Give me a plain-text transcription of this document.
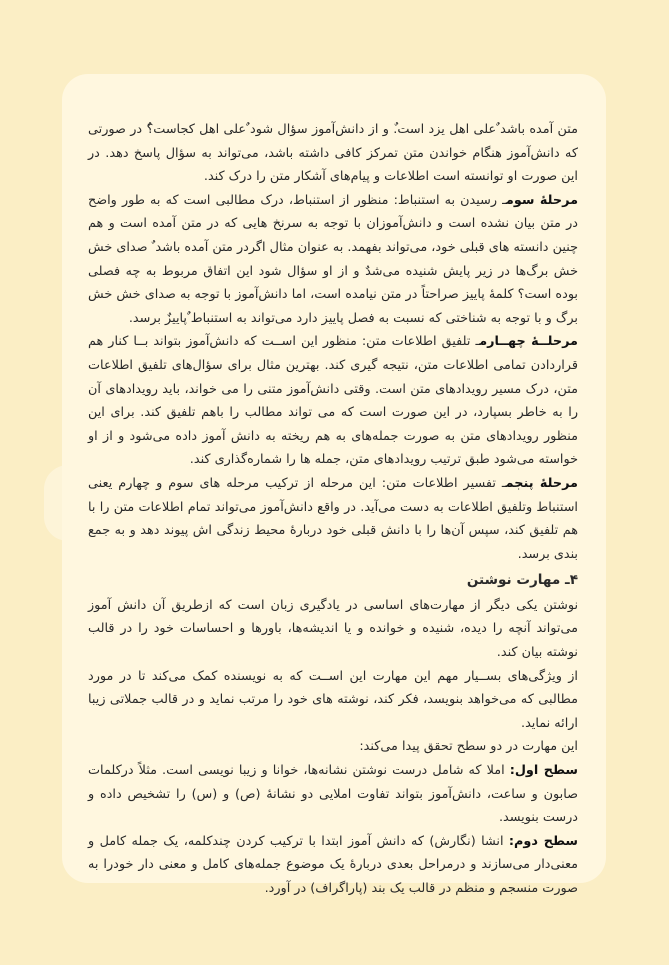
متن آمده باشد ٌعلی اهل یزد است.ٌ و از دانش‌آموز سؤال شود ٌعلی اهل کجاست؟ٌ در صورتی که دانش‌آموز هنگام خواندن متن تمرکز کافی داشته باشد، می‌تواند به سؤال پاسخ دهد. در این صورت او توانسته است اطلاعات و پیام‌های آشکار متن را درک کند.

مرحلهٔ سومـ رسیدن به استنباط: منظور از استنباط، درک مطالبی است که به طور واضح در متن بیان نشده است و دانش‌آموزان با توجه به سرنخ هایی که در متن آمده است و هم چنین دانسته های قبلی خود، می‌تواند بفهمد. به عنوان مثال اگردر متن آمده باشد ٌ صدای خش خش برگ‌ها در زیر پایش شنیده می‌شدٌ و از او سؤال شود این اتفاق مربوط به چه فصلی بوده است؟ کلمهٔ پاییز صراحتاً در متن نیامده است، اما دانش‌آموز با توجه به صدای خش خش برگ و با توجه به شناختی که نسبت به فصل پاییز دارد می‌تواند به استنباط ٌپاییزٌ برسد.

مرحلــهٔ چهــارمـ تلفیق اطلاعات متن: منظور این اســت که دانش‌آموز بتواند بــا کنار هم قراردادن تمامی اطلاعات متن، نتیجه گیری کند. بهترین مثال برای سؤال‌های تلفیق اطلاعات متن، درک مسیر رویدادهای متن است. وقتی دانش‌آموز متنی را می خواند، باید رویدادهای آن را به خاطر بسپارد، در این صورت است که می تواند مطالب را باهم تلفیق کند. برای این منظور رویدادهای متن به صورت جمله‌های به هم ریخته به دانش آموز داده می‌شود و از او خواسته می‌شود طبق ترتیب رویدادهای متن، جمله ها را شماره‌گذاری کند.

مرحلهٔ پنجمـ تفسیر اطلاعات متن: این مرحله از ترکیب مرحله های سوم و چهارم یعنی استنباط وتلفیق اطلاعات به دست می‌آید. در واقع دانش‌آموز می‌تواند تمام اطلاعات متن را با هم تلفیق کند، سپس آن‌ها را با دانش قبلی خود دربارهٔ محیط زندگی اش پیوند دهد و به جمع بندی برسد.

۴ـ مهارت نوشتن

نوشتن یکی دیگر از مهارت‌های اساسی در یادگیری زبان است که ازطریق آن دانش آموز می‌تواند آنچه را دیده، شنیده و خوانده و یا اندیشه‌ها، باورها و احساسات خود را در قالب نوشته بیان کند.

از ویژگی‌های بســیار مهم این مهارت این اســت که به نویسنده کمک می‌کند تا در مورد مطالبی که می‌خواهد بنویسد، فکر کند، نوشته های خود را مرتب نماید و در قالب جملاتی زیبا ارائه نماید.

این مهارت در دو سطح تحقق پیدا می‌کند:

سطح اول: املا که شامل درست نوشتن نشانه‌ها، خوانا و زیبا نویسی است. مثلاً درکلمات صابون و ساعت، دانش‌آموز بتواند تفاوت املایی دو نشانهٔ (ص) و (س) را تشخیص داده و درست بنویسد.

سطح دوم: انشا (نگارش) که دانش آموز ابتدا با ترکیب کردن چندکلمه، یک جمله کامل و معنی‌دار می‌سازند و درمراحل بعدی دربارهٔ یک موضوع جمله‌های کامل و معنی دار خودرا به صورت منسجم و منظم در قالب یک بند (پاراگراف) در آورد.
